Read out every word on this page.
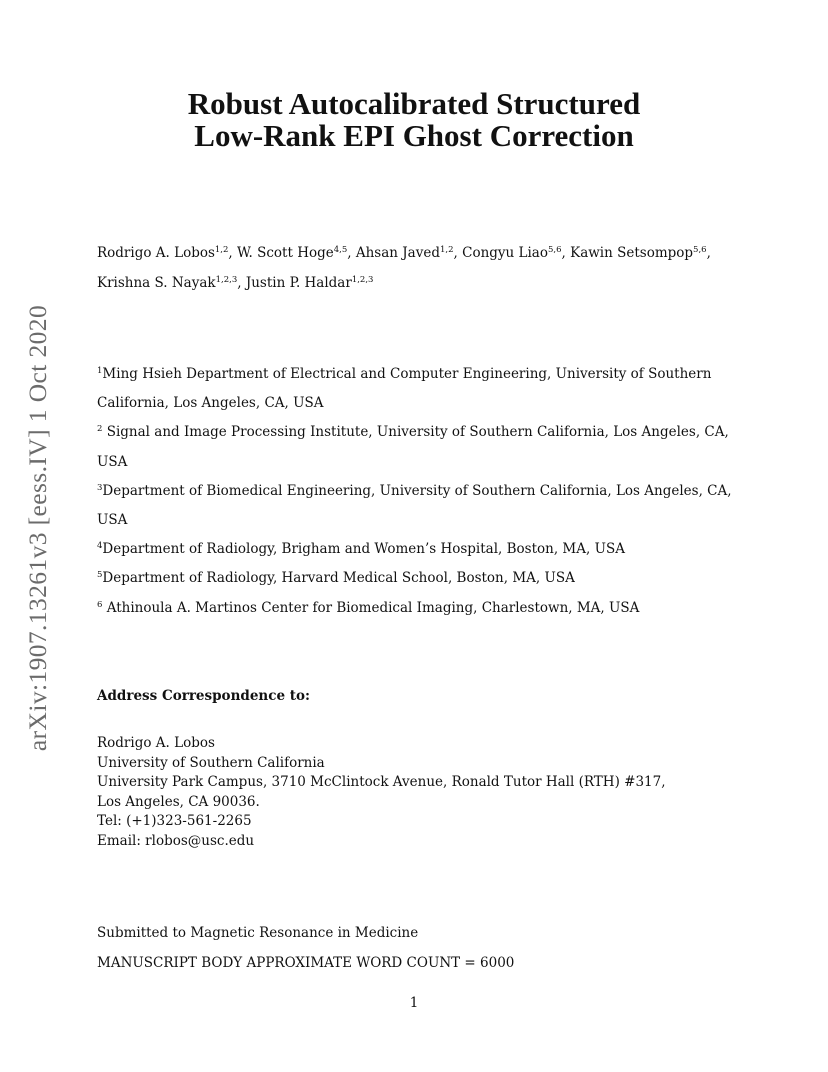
arXiv:1907.13261v3 [eess.IV] 1 Oct 2020
Robust Autocalibrated Structured
Low-Rank EPI Ghost Correction
Rodrigo A. Lobos$^{1,2}$, W. Scott Hoge$^{4,5}$, Ahsan Javed$^{1,2}$, Congyu Liao$^{5,6}$, Kawin Setsompop$^{5,6}$,
Krishna S. Nayak$^{1,2,3}$, Justin P. Haldar$^{1,2,3}$
$^1$Ming Hsieh Department of Electrical and Computer Engineering, University of Southern
California, Los Angeles, CA, USA
$^2$ Signal and Image Processing Institute, University of Southern California, Los Angeles, CA,
USA
$^3$Department of Biomedical Engineering, University of Southern California, Los Angeles, CA,
USA
$^4$Department of Radiology, Brigham and Women’s Hospital, Boston, MA, USA
$^5$Department of Radiology, Harvard Medical School, Boston, MA, USA
$^6$ Athinoula A. Martinos Center for Biomedical Imaging, Charlestown, MA, USA
Address Correspondence to:
Rodrigo A. Lobos
University of Southern California
University Park Campus, 3710 McClintock Avenue, Ronald Tutor Hall (RTH) #317,
Los Angeles, CA 90036.
Tel: (+1)323-561-2265
Email: rlobos@usc.edu
Submitted to Magnetic Resonance in Medicine
MANUSCRIPT BODY APPROXIMATE WORD COUNT = 6000
1
